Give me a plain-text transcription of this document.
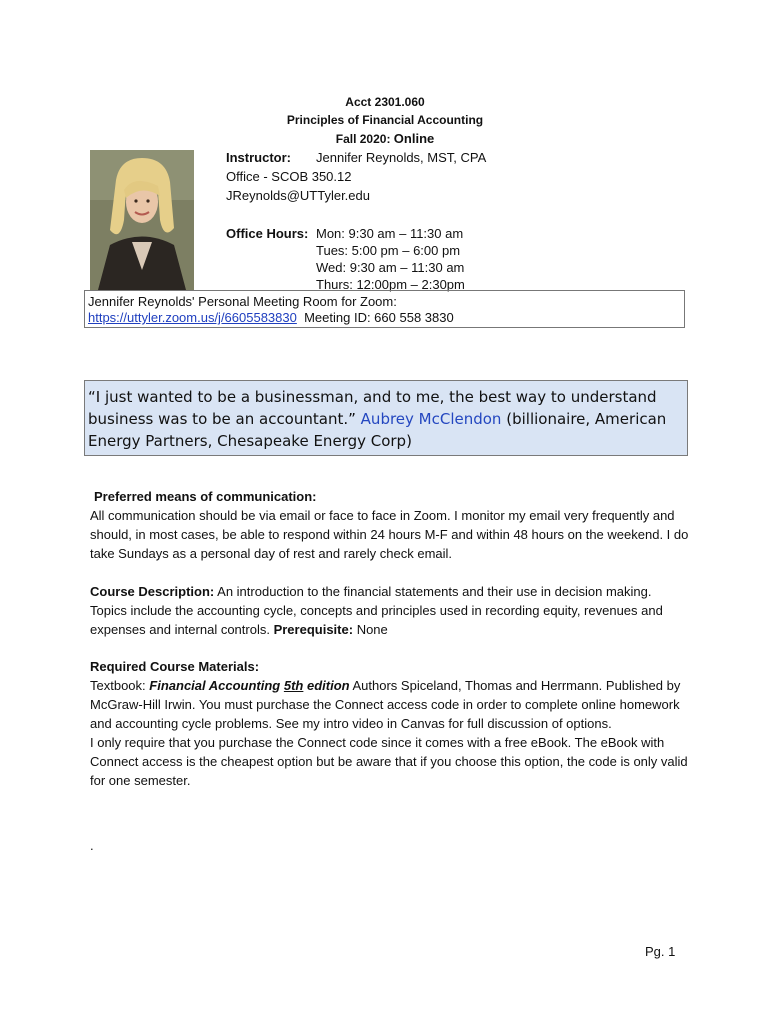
Acct 2301.060
Principles of Financial Accounting
Fall 2020: Online
Instructor: Jennifer Reynolds, MST, CPA
Office - SCOB 350.12
JReynolds@UTTyler.edu
Office Hours: Mon: 9:30 am – 11:30 am
Tues: 5:00 pm – 6:00 pm
Wed: 9:30 am – 11:30 am
Thurs: 12:00pm – 2:30pm
Jennifer Reynolds' Personal Meeting Room for Zoom:
https://uttyler.zoom.us/j/6605583830 Meeting ID: 660 558 3830
“I just wanted to be a businessman, and to me, the best way to understand business was to be an accountant.” Aubrey McClendon (billionaire, American Energy Partners, Chesapeake Energy Corp)

Preferred means of communication:

All communication should be via email or face to face in Zoom. I monitor my email very frequently and should, in most cases, be able to respond within 24 hours M-F and within 48 hours on the weekend. I do take Sundays as a personal day of rest and rarely check email.

Course Description: An introduction to the financial statements and their use in decision making. Topics include the accounting cycle, concepts and principles used in recording equity, revenues and expenses and internal controls. Prerequisite: None

Required Course Materials:

Textbook: Financial Accounting 5th edition Authors Spiceland, Thomas and Herrmann. Published by McGraw-Hill Irwin. You must purchase the Connect access code in order to complete online homework and accounting cycle problems. See my intro video in Canvas for full discussion of options.

I only require that you purchase the Connect code since it comes with a free eBook. The eBook with Connect access is the cheapest option but be aware that if you choose this option, the code is only valid for one semester.

.
Pg. 1
